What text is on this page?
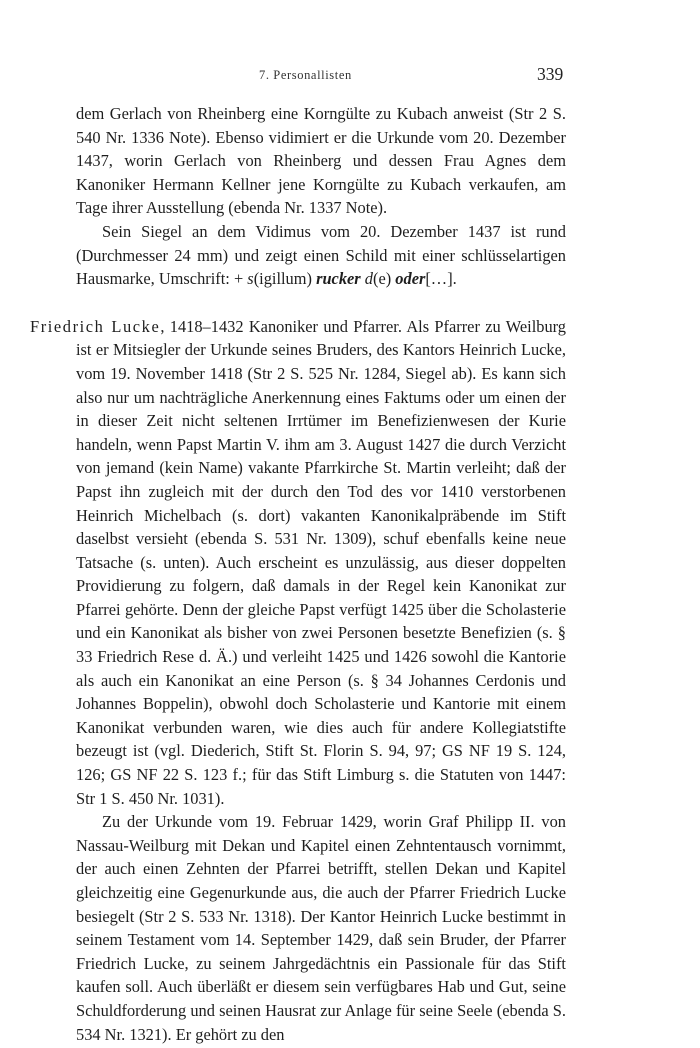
7. Personallisten	339

dem Gerlach von Rheinberg eine Korngülte zu Kubach anweist (Str 2 S. 540 Nr. 1336 Note). Ebenso vidimiert er die Urkunde vom 20. Dezember 1437, worin Gerlach von Rheinberg und dessen Frau Agnes dem Kanoniker Hermann Kellner jene Korngülte zu Kubach verkaufen, am Tage ihrer Ausstellung (ebenda Nr. 1337 Note).

Sein Siegel an dem Vidimus vom 20. Dezember 1437 ist rund (Durchmesser 24 mm) und zeigt einen Schild mit einer schlüsselartigen Hausmarke, Umschrift: + s(igillum) rucker d(e) oder[…].

Friedrich Lucke, 1418–1432 Kanoniker und Pfarrer. Als Pfarrer zu Weilburg ist er Mitsiegler der Urkunde seines Bruders, des Kantors Heinrich Lucke, vom 19. November 1418 (Str 2 S. 525 Nr. 1284, Siegel ab). Es kann sich also nur um nachträgliche Anerkennung eines Faktums oder um einen der in dieser Zeit nicht seltenen Irrtümer im Benefizienwesen der Kurie handeln, wenn Papst Martin V. ihm am 3. August 1427 die durch Verzicht von jemand (kein Name) vakante Pfarrkirche St. Martin verleiht; daß der Papst ihn zugleich mit der durch den Tod des vor 1410 verstorbenen Heinrich Michelbach (s. dort) vakanten Kanonikalpräbende im Stift daselbst versieht (ebenda S. 531 Nr. 1309), schuf ebenfalls keine neue Tatsache (s. unten). Auch erscheint es unzulässig, aus dieser doppelten Providierung zu folgern, daß damals in der Regel kein Kanonikat zur Pfarrei gehörte. Denn der gleiche Papst verfügt 1425 über die Scholasterie und ein Kanonikat als bisher von zwei Personen besetzte Benefizien (s. § 33 Friedrich Rese d. Ä.) und verleiht 1425 und 1426 sowohl die Kantorie als auch ein Kanonikat an eine Person (s. § 34 Johannes Cerdonis und Johannes Boppelin), obwohl doch Scholasterie und Kantorie mit einem Kanonikat verbunden waren, wie dies auch für andere Kollegiatstifte bezeugt ist (vgl. Diederich, Stift St. Florin S. 94, 97; GS NF 19 S. 124, 126; GS NF 22 S. 123 f.; für das Stift Limburg s. die Statuten von 1447: Str 1 S. 450 Nr. 1031).

Zu der Urkunde vom 19. Februar 1429, worin Graf Philipp II. von Nassau-Weilburg mit Dekan und Kapitel einen Zehntentausch vornimmt, der auch einen Zehnten der Pfarrei betrifft, stellen Dekan und Kapitel gleichzeitig eine Gegenurkunde aus, die auch der Pfarrer Friedrich Lucke besiegelt (Str 2 S. 533 Nr. 1318). Der Kantor Heinrich Lucke bestimmt in seinem Testament vom 14. September 1429, daß sein Bruder, der Pfarrer Friedrich Lucke, zu seinem Jahrgedächtnis ein Passionale für das Stift kaufen soll. Auch überläßt er diesem sein verfügbares Hab und Gut, seine Schuldforderung und seinen Hausrat zur Anlage für seine Seele (ebenda S. 534 Nr. 1321). Er gehört zu den
